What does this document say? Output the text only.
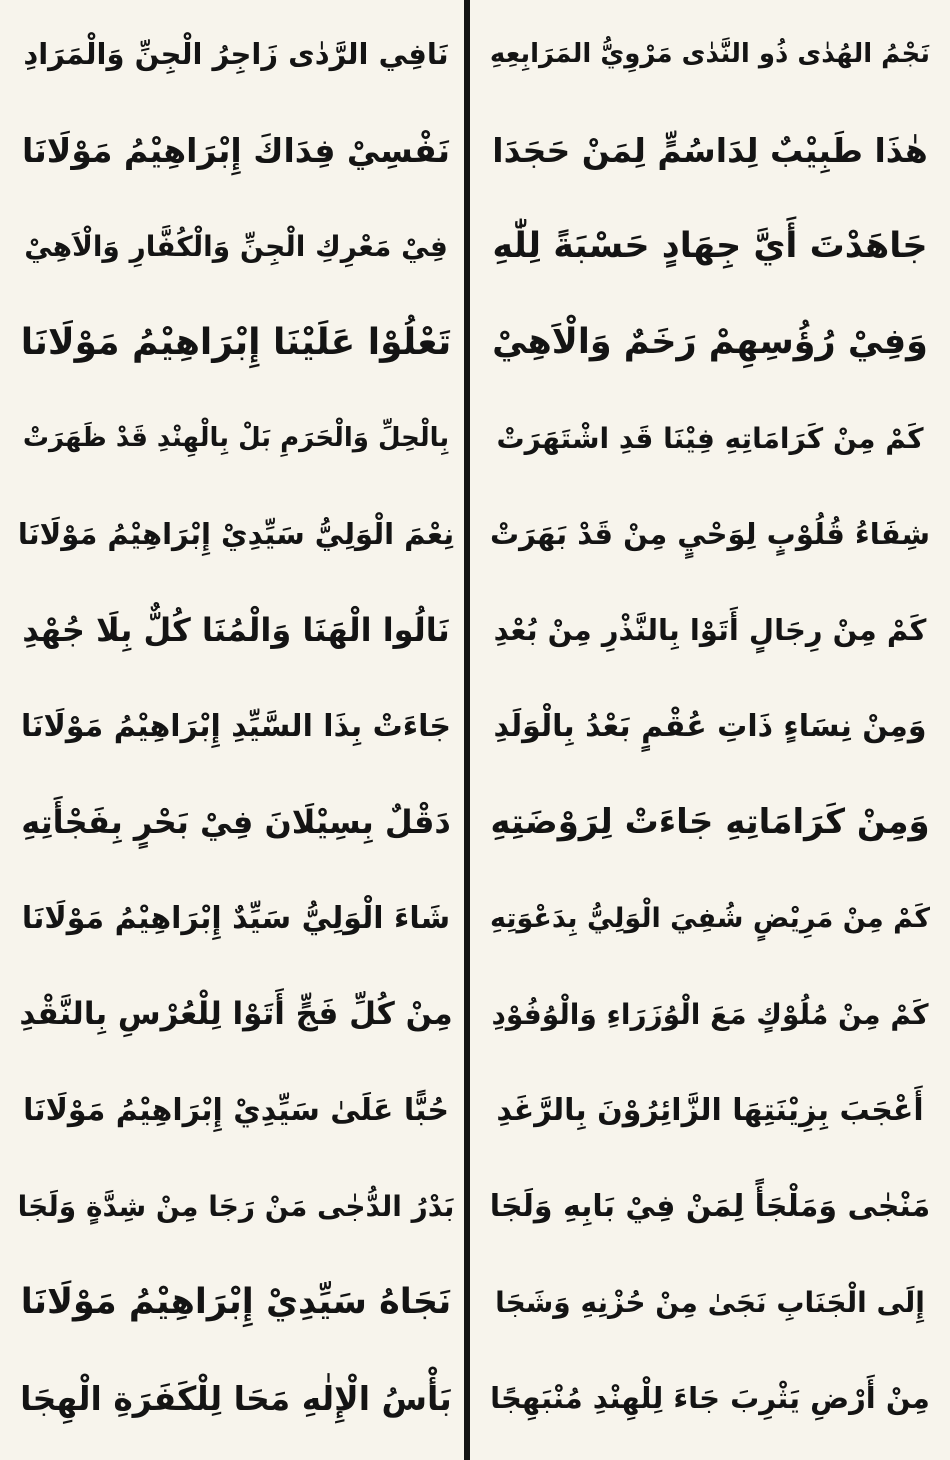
نَجْمُ الهُدٰى ذُو النَّدٰى مَرْوِيُّ المَرَابِعِهِ
هٰذَا طَبِيْبٌ لِدَاسُمٍّ لِمَنْ حَجَدَا
جَاهَدْتَ أَيَّ جِهَادٍ حَسْبَةً لِلّٰهِ
وَفِيْ رُؤُسِهِمْ رَخَمٌ وَالْاَهِيْ
كَمْ مِنْ كَرَامَاتِهِ فِيْنَا قَدِ اشْتَهَرَتْ
شِفَاءُ قُلُوْبٍ لِوَحْيٍ مِنْ قَدْ بَهَرَتْ
كَمْ مِنْ رِجَالٍ أَتَوْا بِالنَّذْرِ مِنْ بُعْدِ
وَمِنْ نِسَاءٍ ذَاتِ عُقْمٍ بَعْدُ بِالْوَلَدِ
وَمِنْ كَرَامَاتِهِ جَاءَتْ لِرَوْضَتِهِ
كَمْ مِنْ مَرِيْضٍ شُفِيَ الْوَلِيُّ بِدَعْوَتِهِ
كَمْ مِنْ مُلُوْكٍ مَعَ الْوُزَرَاءِ وَالْوُفُوْدِ
أَعْجَبَ بِزِيْنَتِهَا الزَّائِرُوْنَ بِالرَّغَدِ
مَنْجٰى وَمَلْجَأً لِمَنْ فِيْ بَابِهِ وَلَجَا
إِلَى الْجَنَابِ نَجَىٰ مِنْ حُزْنِهِ وَشَجَا
مِنْ أَرْضِ يَثْرِبَ جَاءَ لِلْهِنْدِ مُنْبَهِجًا
نَافِي الرَّدٰى زَاجِرُ الْجِنِّ وَالْمَرَادِ
نَفْسِيْ فِدَاكَ إِبْرَاهِيْمُ مَوْلَانَا
فِيْ مَعْرِكِ الْجِنِّ وَالْكُفَّارِ وَالْاَهِيْ
تَعْلُوْا عَلَيْنَا إِبْرَاهِيْمُ مَوْلَانَا
بِالْحِلِّ وَالْحَرَمِ بَلْ بِالْهِنْدِ قَدْ ظَهَرَتْ
نِعْمَ الْوَلِيُّ سَيِّدِيْ إِبْرَاهِيْمُ مَوْلَانَا
نَالُوا الْهَنَا وَالْمُنَا كُلٌّ بِلَا جُهْدِ
جَاءَتْ بِذَا السَّيِّدِ إِبْرَاهِيْمُ مَوْلَانَا
دَقْلٌ بِسِيْلَانَ فِيْ بَحْرٍ بِفَجْأَتِهِ
شَاءَ الْوَلِيُّ سَيِّدٌ إِبْرَاهِيْمُ مَوْلَانَا
مِنْ كُلِّ فَجٍّ أَتَوْا لِلْعُرْسِ بِالنَّقْدِ
حُبًّا عَلَىٰ سَيِّدِيْ إِبْرَاهِيْمُ مَوْلَانَا
بَدْرُ الدُّجٰى مَنْ رَجَا مِنْ شِدَّةٍ وَلَجَا
نَجَاهُ سَيِّدِيْ إِبْرَاهِيْمُ مَوْلَانَا
بَأْسُ الْإِلٰهِ مَحَا لِلْكَفَرَةِ الْهِجَا
